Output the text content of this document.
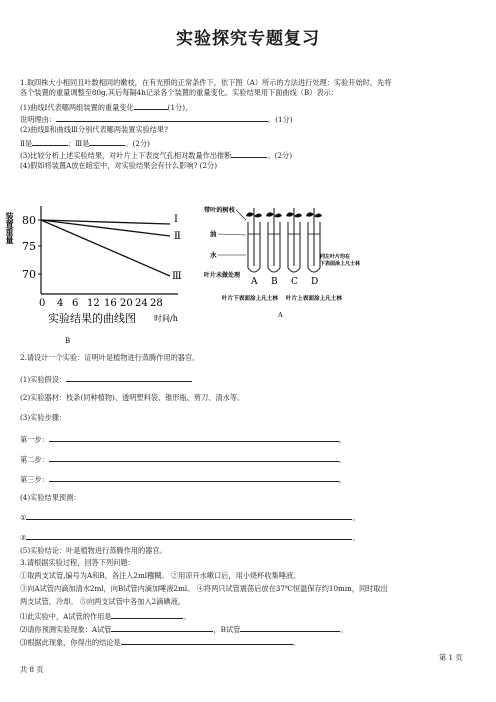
实验探究专题复习
1.取四株大小相同且叶数相同的嫩枝，在有光照的正常条件下，依下图（A）所示的方法进行处理：实验开始时，先将
各个装置的重量调整至80g,其后每隔4h记录各个装置的重量变化。实验结果用下面曲线（B）表示：
(1)曲线Ⅰ代表哪两组装置的重量变化	(1分)，
说明理由：	。(1分)
(2)曲线Ⅱ和曲线Ⅲ分别代表哪两装置实验结果?
Ⅱ是	；Ⅲ是	。(2分)
(3)比较分析上述实验结果，对叶片上下表皮气孔相对数量作出推断	。(2分)
(4)假如将装置A放在暗室中，对实验结果会有什么影响? (2分)
装置重量 80
75
70
0 4 6 12 16 20 24 28
Ⅰ
Ⅱ
Ⅲ
实验结果的曲线图 时间/h
B
带叶的树枝
油
水
叶片未做处理
A B C D
同左叶片均在
下表面涂上凡士林
叶片下表面涂上凡士林 叶片上表面涂上凡士林
A
2.请设计一个实验：证明叶是植物进行蒸腾作用的器官。
(1)实验假设：
(2)实验器材：枝条(同种植物)、透明塑料袋、锥形瓶、剪刀、清水等。
(3)实验步骤：
第一步：	。
第二步：	。
第三步：	。
(4)实验结果预测：
①	。
②	。
(5)实验结论：叶是植物进行蒸腾作用的器官。
3.请根据实验过程，回答下列问题：
①取两支试管,编号为A和B，各注入2ml糨糊。 ②用凉开水嗽口后，用小烧杯收集唾液。
③向A试管内滴加清水2ml，向B试管内滴加唾液2ml。 ④将两只试管震荡后放在37℃恒温保存约10min，同时取出
两支试管，冷却。 ⑤向两支试管中各加入2滴碘液。
⑴此实验中，A试管的作用是	。
⑵请你预测实验现象：A试管	，B试管	。
⑶根据此现象，你得出的结论是	。
第 1 页
共 8 页
